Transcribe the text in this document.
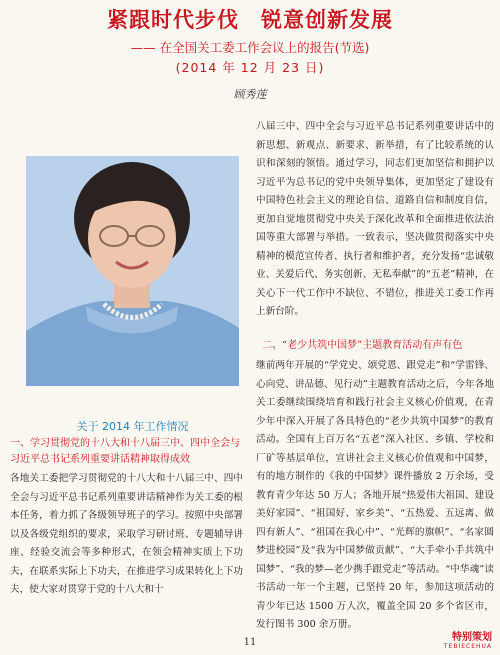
紧跟时代步伐　锐意创新发展
—— 在全国关工委工作会议上的报告(节选)
(2014 年 12 月 23 日)
顾秀莲
关于 2014 年工作情况
一、学习贯彻党的十八大和十八届三中、四中全会与习近平总书记系列重要讲话精神取得成效
各地关工委把学习贯彻党的十八大和十八届三中、四中全会与习近平总书记系列重要讲话精神作为关工委的根本任务，着力抓了各级领导班子的学习。按照中央部署以及各级党组织的要求，采取学习研讨班、专题辅导讲座、经验交流会等多种形式，在领会精神实质上下功夫，在联系实际上下功夫，在推进学习成果转化上下功夫，使大家对贯穿于党的十八大和十
八届三中、四中全会与习近平总书记系列重要讲话中的新思想、新观点、新要求、新举措，有了比较系统的认识和深刻的领悟。通过学习，同志们更加坚信和拥护以习近平为总书记的党中央领导集体，更加坚定了建设有中国特色社会主义的理论自信、道路自信和制度自信，更加自觉地贯彻党中央关于深化改革和全面推进依法治国等重大部署与举措。一致表示，坚决做贯彻落实中央精神的模范宣传者、执行者和维护者，充分发扬“忠诚敬业、关爱后代、务实创新、无私奉献”的“五老”精神，在关心下一代工作中不缺位、不错位，推进关工委工作再上新台阶。
二、“老少共筑中国梦”主题教育活动有声有色
继前两年开展的“学党史、颂党恩、跟党走”和“学雷锋、心向党、讲品德、见行动”主题教育活动之后，今年各地关工委继续围绕培育和践行社会主义核心价值观，在青少年中深入开展了各具特色的“老少共筑中国梦”的教育活动。全国有上百万名“五老”深入社区、乡镇、学校和厂矿等基层单位，宣讲社会主义核心价值观和中国梦，有的地方制作的《我的中国梦》课件播放 2 万余场，受教育青少年达 50 万人；各地开展“热爱伟大祖国、建设美好家园”、“祖国好、家乡美”、“五热爱、五远离、做四有新人”、“祖国在我心中”、“光辉的旗帜”、“名家圆梦进校园”及“我为中国梦做贡献”、“大手牵小手共筑中国梦”、“我的梦—老少携手跟党走”等活动。“中华魂”读书活动一年一个主题，已坚持 20 年，参加这项活动的青少年已达 1500 万人次，覆盖全国 20 多个省区市，发行图书 300 余万册。
11	特别策划
TEBIECEHUA
